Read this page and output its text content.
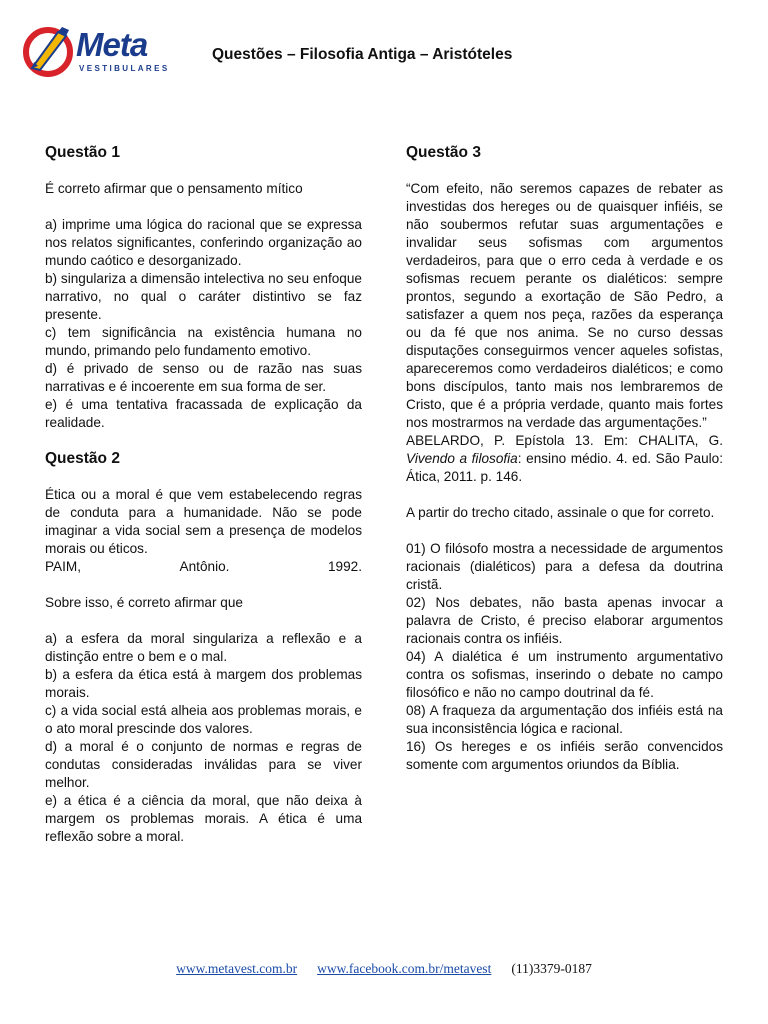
Meta
VESTIBULARES
Questões – Filosofia Antiga – Aristóteles
Questão 1

É correto afirmar que o pensamento mítico

a) imprime uma lógica do racional que se expressa nos relatos significantes, conferindo organização ao mundo caótico e desorganizado.

b) singulariza a dimensão intelectiva no seu enfoque narrativo, no qual o caráter distintivo se faz presente.

c) tem significância na existência humana no mundo, primando pelo fundamento emotivo.

d) é privado de senso ou de razão nas suas narrativas e é incoerente em sua forma de ser.

e) é uma tentativa fracassada de explicação da realidade.

Questão 2

Ética ou a moral é que vem estabelecendo regras de conduta para a humanidade. Não se pode imaginar a vida social sem a presença de modelos morais ou éticos.

PAIM,	Antônio.	1992.

Sobre isso, é correto afirmar que

a) a esfera da moral singulariza a reflexão e a distinção entre o bem e o mal.

b) a esfera da ética está à margem dos problemas morais.

c) a vida social está alheia aos problemas morais, e o ato moral prescinde dos valores.

d) a moral é o conjunto de normas e regras de condutas consideradas inválidas para se viver melhor.

e) a ética é a ciência da moral, que não deixa à margem os problemas morais. A ética é uma reflexão sobre a moral.

Questão 3

“Com efeito, não seremos capazes de rebater as investidas dos hereges ou de quaisquer infiéis, se não soubermos refutar suas argumentações e invalidar seus sofismas com argumentos verdadeiros, para que o erro ceda à verdade e os sofismas recuem perante os dialéticos: sempre prontos, segundo a exortação de São Pedro, a satisfazer a quem nos peça, razões da esperança ou da fé que nos anima. Se no curso dessas disputações conseguirmos vencer aqueles sofistas, apareceremos como verdadeiros dialéticos; e como bons discípulos, tanto mais nos lembraremos de Cristo, que é a própria verdade, quanto mais fortes nos mostrarmos na verdade das argumentações.”

ABELARDO, P. Epístola 13. Em: CHALITA, G. Vivendo a filosofia: ensino médio. 4. ed. São Paulo: Ática, 2011. p. 146.

A partir do trecho citado, assinale o que for correto.

01) O filósofo mostra a necessidade de argumentos racionais (dialéticos) para a defesa da doutrina cristã.

02) Nos debates, não basta apenas invocar a palavra de Cristo, é preciso elaborar argumentos racionais contra os infiéis.

04) A dialética é um instrumento argumentativo contra os sofismas, inserindo o debate no campo filosófico e não no campo doutrinal da fé.

08) A fraqueza da argumentação dos infiéis está na sua inconsistência lógica e racional.

16) Os hereges e os infiéis serão convencidos somente com argumentos oriundos da Bíblia.

www.metavest.com.br www.facebook.com.br/metavest (11)3379-0187
